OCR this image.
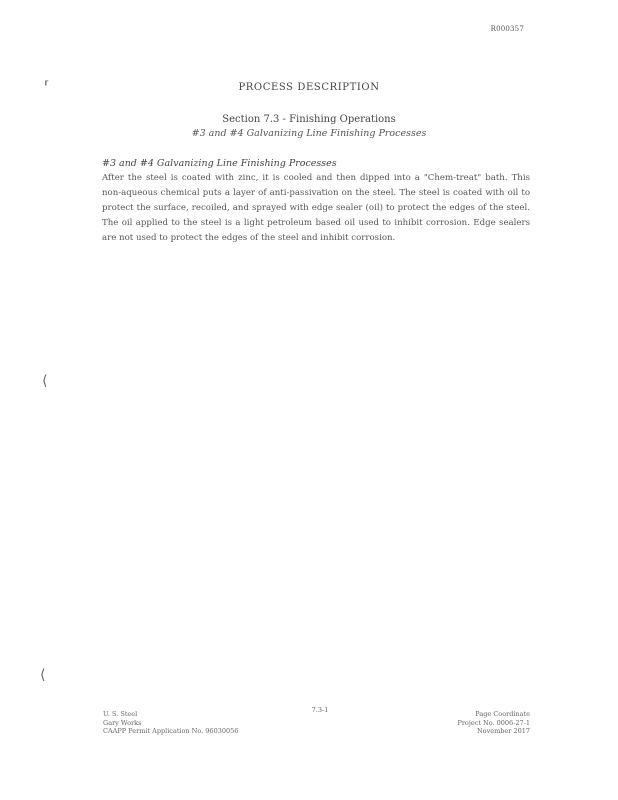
R000357
⸢
⟨
⟨
PROCESS DESCRIPTION
Section 7.3 - Finishing Operations
#3 and #4 Galvanizing Line Finishing Processes
#3 and #4 Galvanizing Line Finishing Processes
After the steel is coated with zinc, it is cooled and then dipped into a "Chem-treat" bath. This non-aqueous chemical puts a layer of anti-passivation on the steel. The steel is coated with oil to protect the surface, recoiled, and sprayed with edge sealer (oil) to protect the edges of the steel. The oil applied to the steel is a light petroleum based oil used to inhibit corrosion. Edge sealers are not used to protect the edges of the steel and inhibit corrosion.
U. S. Steel
Gary Works
CAAPP Permit Application No. 96030056
7.3-1	Page Coordinate
Project No. 0006-27-1
November 2017
